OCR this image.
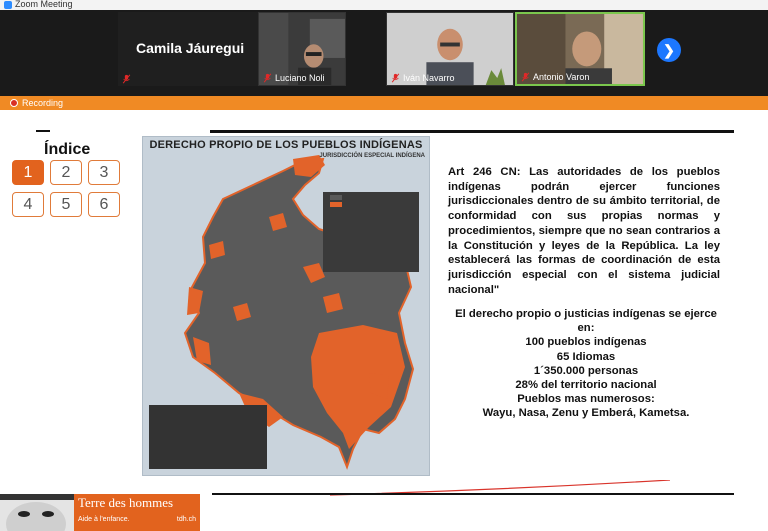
Zoom Meeting
Camila Jáuregui
Luciano Noli	Iván Navarro	Antonio Varon
❯
Recording
Índice
1	2	3
4	5	6
DERECHO PROPIO DE LOS PUEBLOS INDÍGENAS
JURISDICCIÓN ESPECIAL INDÍGENA
Art 246 CN: Las autoridades de los pueblos indígenas podrán ejercer funciones jurisdiccionales dentro de su ámbito territorial, de conformidad con sus propias normas y procedimientos, siempre que no sean contrarios a la Constitución y leyes de la República. La ley establecerá las formas de coordinación de esta jurisdicción especial con el sistema judicial nacional"
El derecho propio o justicias indígenas se ejerce en:
100 pueblos indígenas
65 Idiomas
1´350.000 personas
28% del territorio nacional
Pueblos mas numerosos:
Wayu, Nasa, Zenu y Emberá, Kametsa.
Terre des hommes
Aide à l'enfance.	tdh.ch
